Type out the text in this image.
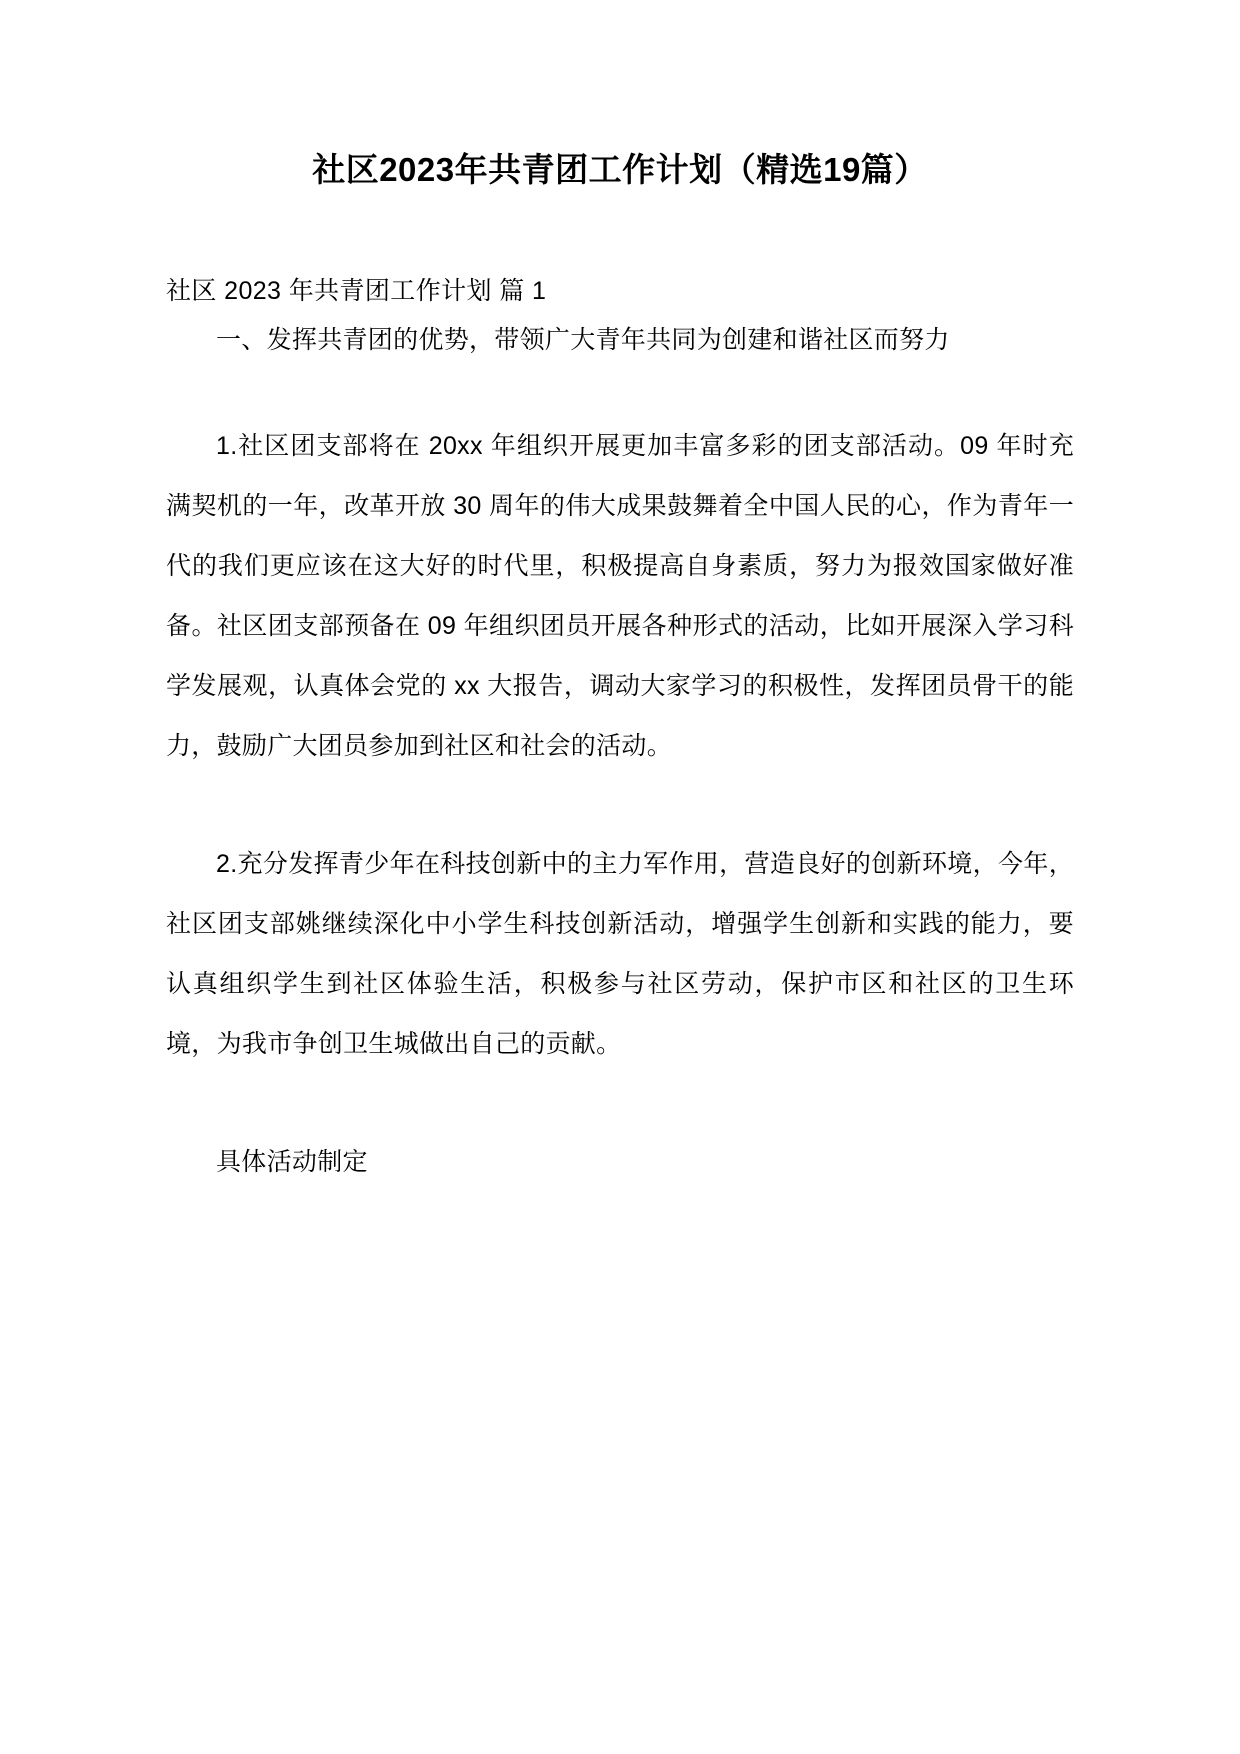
社区2023年共青团工作计划（精选19篇）

社区 2023 年共青团工作计划 篇 1

一、发挥共青团的优势，带领广大青年共同为创建和谐社区而努力

1.社区团支部将在 20xx 年组织开展更加丰富多彩的团支部活动。09 年时充满契机的一年，改革开放 30 周年的伟大成果鼓舞着全中国人民的心，作为青年一代的我们更应该在这大好的时代里，积极提高自身素质，努力为报效国家做好准备。社区团支部预备在 09 年组织团员开展各种形式的活动，比如开展深入学习科学发展观，认真体会党的 xx 大报告，调动大家学习的积极性，发挥团员骨干的能力，鼓励广大团员参加到社区和社会的活动。

2.充分发挥青少年在科技创新中的主力军作用，营造良好的创新环境，今年，社区团支部姚继续深化中小学生科技创新活动，增强学生创新和实践的能力，要认真组织学生到社区体验生活，积极参与社区劳动，保护市区和社区的卫生环境，为我市争创卫生城做出自己的贡献。

具体活动制定
